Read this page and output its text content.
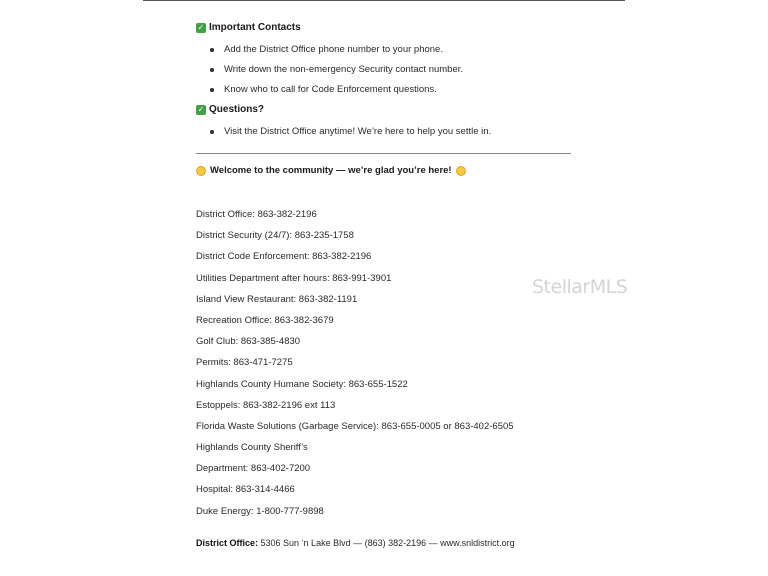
✓ Important Contacts
Add the District Office phone number to your phone.
Write down the non-emergency Security contact number.
Know who to call for Code Enforcement questions.
✓ Questions?
Visit the District Office anytime! We’re here to help you settle in.
Welcome to the community — we’re glad you’re here!
District Office: 863-382-2196
District Security (24/7): 863-235-1758
District Code Enforcement: 863-382-2196
Utilities Department after hours: 863-991-3901
Island View Restaurant: 863-382-1191
Recreation Office: 863-382-3679
Golf Club: 863-385-4830
Permits: 863-471-7275
Highlands County Humane Society: 863-655-1522
Estoppels: 863-382-2196 ext 113
Florida Waste Solutions (Garbage Service): 863-655-0005 or 863-402-6505
Highlands County Sheriff’s
Department: 863-402-7200
Hospital: 863-314-4466
Duke Energy: 1-800-777-9898
District Office: 5306 Sun ‘n Lake Blvd — (863) 382-2196 — www.snldistrict.org
StellarMLS
